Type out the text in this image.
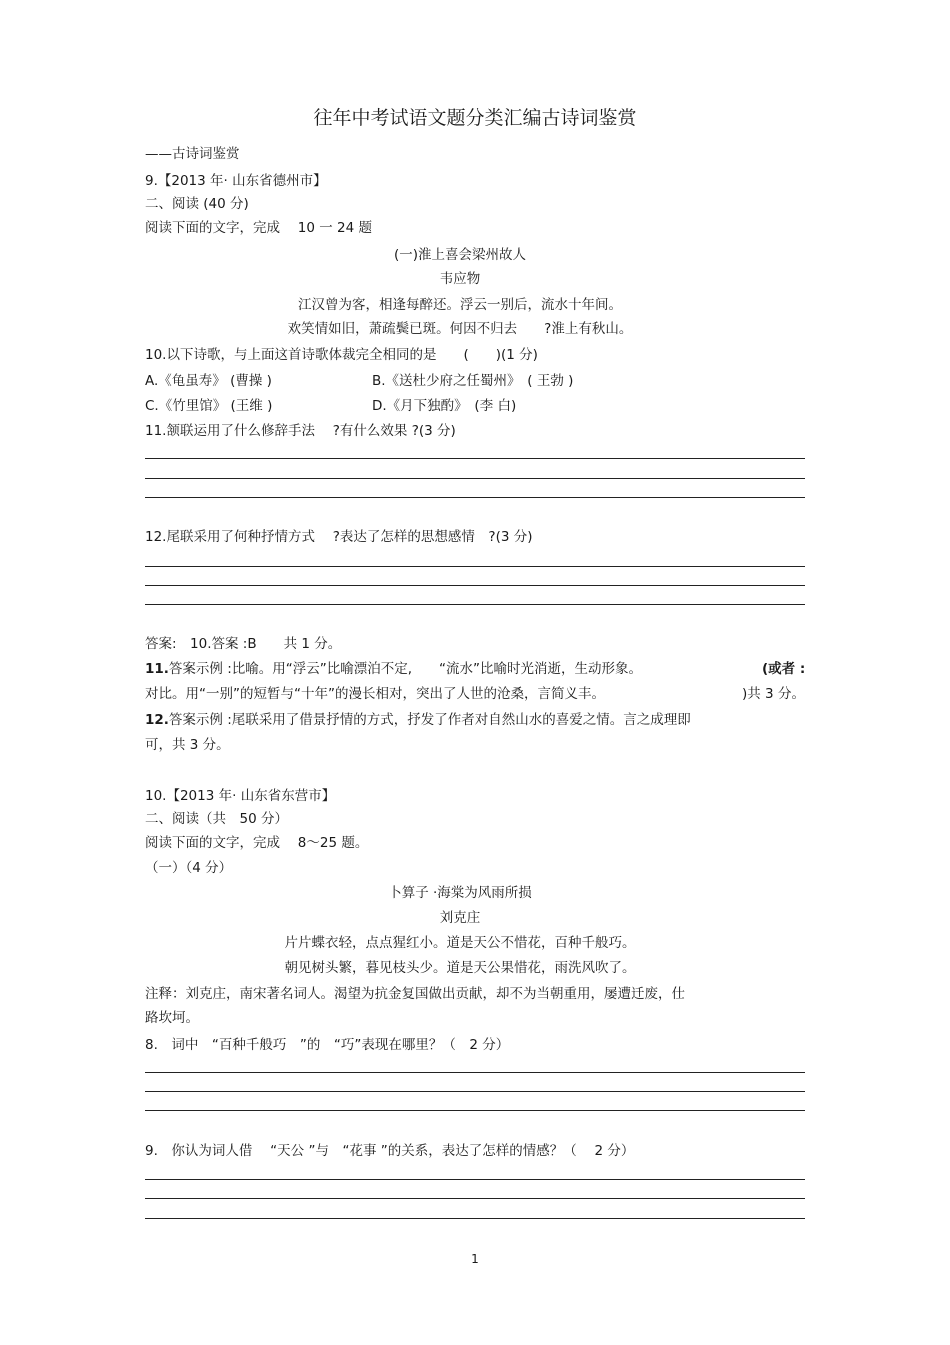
往年中考试语文题分类汇编古诗词鉴赏
——古诗词鉴赏
9.【2013 年· 山东省德州市】
二、阅读 (40 分)
阅读下面的文字，完成　 10 一 24 题
(一)淮上喜会梁州故人
韦应物
江汉曾为客，相逢每醉还。浮云一别后，流水十年间。
欢笑情如旧，萧疏鬓已斑。何因不归去　　?淮上有秋山。
10.以下诗歌，与上面这首诗歌体裁完全相同的是　　(　　)(1 分)
A.《龟虽寿》 (曹操 )	B.《送杜少府之任蜀州》　( 王勃 )
C.《竹里馆》 (王维 )	D.《月下独酌》　(李 白)
11.颔联运用了什么修辞手法　 ?有什么效果 ?(3 分)
12.尾联采用了何种抒情方式　 ?表达了怎样的思想感情　?(3 分)
答案:　10.答案 :B　　共 1 分。
11.答案示例 :比喻。用“浮云”比喻漂泊不定,　　“流水”比喻时光消逝，生动形象。	(或者 :
对比。用“一别”的短暂与“十年”的漫长相对，突出了人世的沧桑，言简义丰。	)共 3 分。
12.答案示例 :尾联采用了借景抒情的方式，抒发了作者对自然山水的喜爱之情。言之成理即
可，共 3 分。
10.【2013 年· 山东省东营市】
二、阅读（共　50 分）
阅读下面的文字，完成　 8～25 题。
（一）（4 分）
卜算子 ·海棠为风雨所损
刘克庄
片片蝶衣轻，点点猩红小。道是天公不惜花，百种千般巧。
朝见树头繁，暮见枝头少。道是天公果惜花，雨洗风吹了。
注释：刘克庄，南宋著名词人。渴望为抗金复国做出贡献，却不为当朝重用，屡遭迁废，仕
路坎坷。
8.　词中　“百种千般巧　”的　“巧”表现在哪里？（　2 分）
9.　你认为词人借　 “天公 ”与　“花事 ”的关系，表达了怎样的情感？（　 2 分）
1
